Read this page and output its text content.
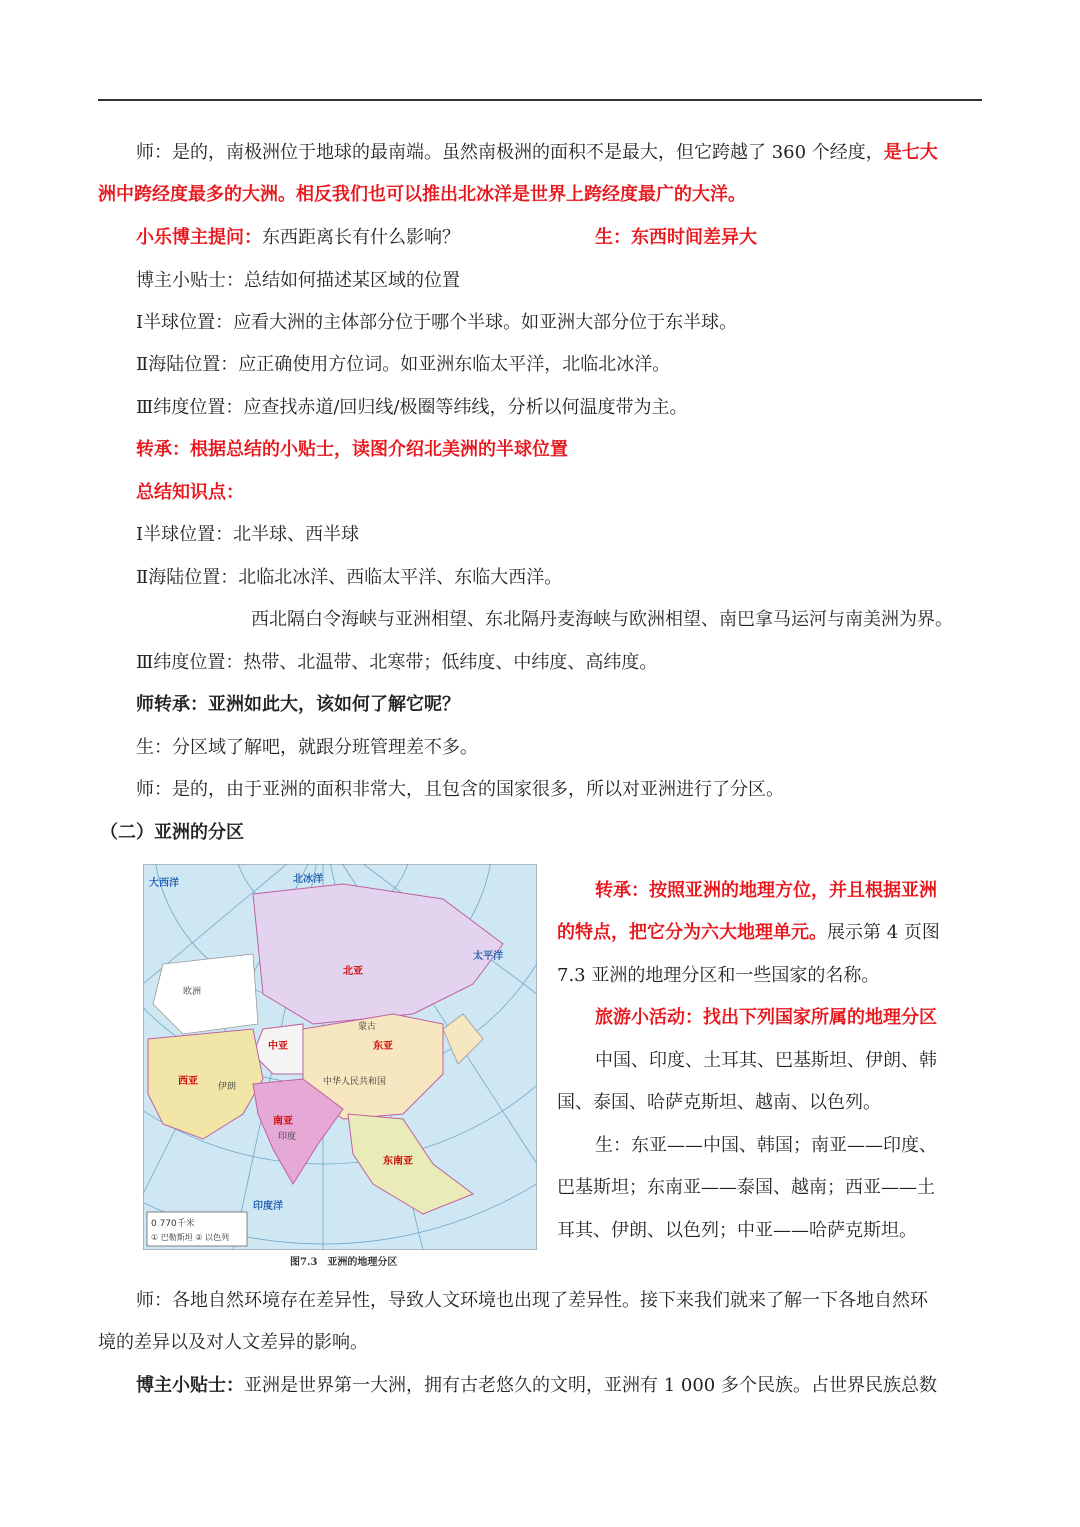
师：是的，南极洲位于地球的最南端。虽然南极洲的面积不是最大，但它跨越了 360 个经度，是七大
洲中跨经度最多的大洲。相反我们也可以推出北冰洋是世界上跨经度最广的大洋。
小乐博主提问：东西距离长有什么影响？	生：东西时间差异大
博主小贴士：总结如何描述某区域的位置
Ⅰ半球位置：应看大洲的主体部分位于哪个半球。如亚洲大部分位于东半球。
Ⅱ海陆位置：应正确使用方位词。如亚洲东临太平洋，北临北冰洋。
Ⅲ纬度位置：应查找赤道/回归线/极圈等纬线，分析以何温度带为主。
转承：根据总结的小贴士，读图介绍北美洲的半球位置
总结知识点：
Ⅰ半球位置：北半球、西半球
Ⅱ海陆位置：北临北冰洋、西临太平洋、东临大西洋。
西北隔白令海峡与亚洲相望、东北隔丹麦海峡与欧洲相望、南巴拿马运河与南美洲为界。
Ⅲ纬度位置：热带、北温带、北寒带；低纬度、中纬度、高纬度。
师转承：亚洲如此大，该如何了解它呢？
生：分区域了解吧，就跟分班管理差不多。
师：是的，由于亚洲的面积非常大，且包含的国家很多，所以对亚洲进行了分区。
（二）亚洲的分区
大西洋	北冰洋
太平洋
印度洋
北亚
东亚
南亚
西亚
中亚
东南亚
中华人民共和国
蒙古
印度
伊朗
欧洲
0 770千米
① 巴勒斯坦 ② 以色列
图7.3　亚洲的地理分区
转承：按照亚洲的地理方位，并且根据亚洲
的特点，把它分为六大地理单元。展示第 4 页图
7.3 亚洲的地理分区和一些国家的名称。
旅游小活动：找出下列国家所属的地理分区
中国、印度、土耳其、巴基斯坦、伊朗、韩
国、泰国、哈萨克斯坦、越南、以色列。
生：东亚——中国、韩国；南亚——印度、
巴基斯坦；东南亚——泰国、越南；西亚——土
耳其、伊朗、以色列；中亚——哈萨克斯坦。
师：各地自然环境存在差异性，导致人文环境也出现了差异性。接下来我们就来了解一下各地自然环
境的差异以及对人文差异的影响。
博主小贴士：亚洲是世界第一大洲，拥有古老悠久的文明，亚洲有 1 000 多个民族。占世界民族总数
